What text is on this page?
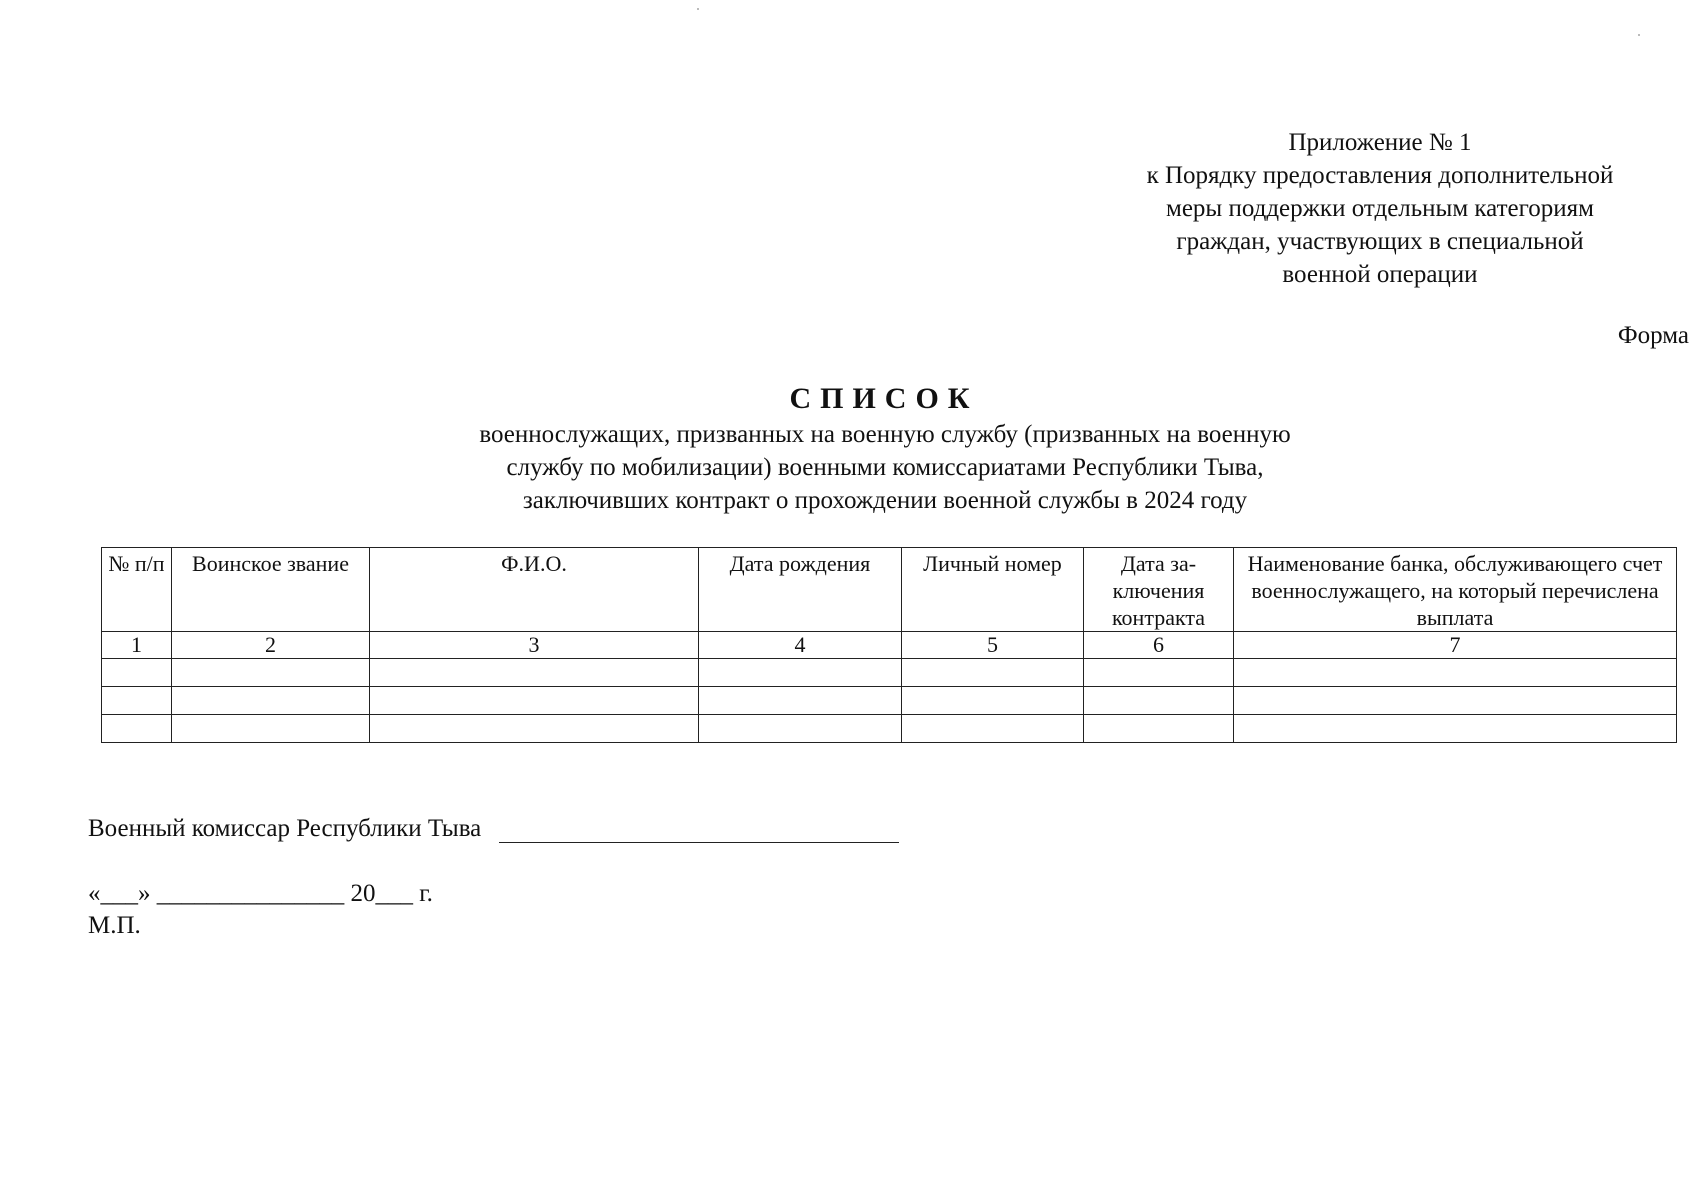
Приложение № 1
к Порядку предоставления дополнительной
меры поддержки отдельным категориям
граждан, участвующих в специальной
военной операции
Форма
СПИСОК
военнослужащих, призванных на военную службу (призванных на военную
службу по мобилизации) военными комиссариатами Республики Тыва,
заключивших контракт о прохождении военной службы в 2024 году
№ п/п	Воинское звание	Ф.И.О.	Дата рождения	Личный номер	Дата за-ключения контракта	Наименование банка, обслуживающего счет военнослужащего, на который перечислена выплата
1	2	3	4	5	6	7

Военный комиссар Республики Тыва
«___» _______________ 20___ г.
М.П.
